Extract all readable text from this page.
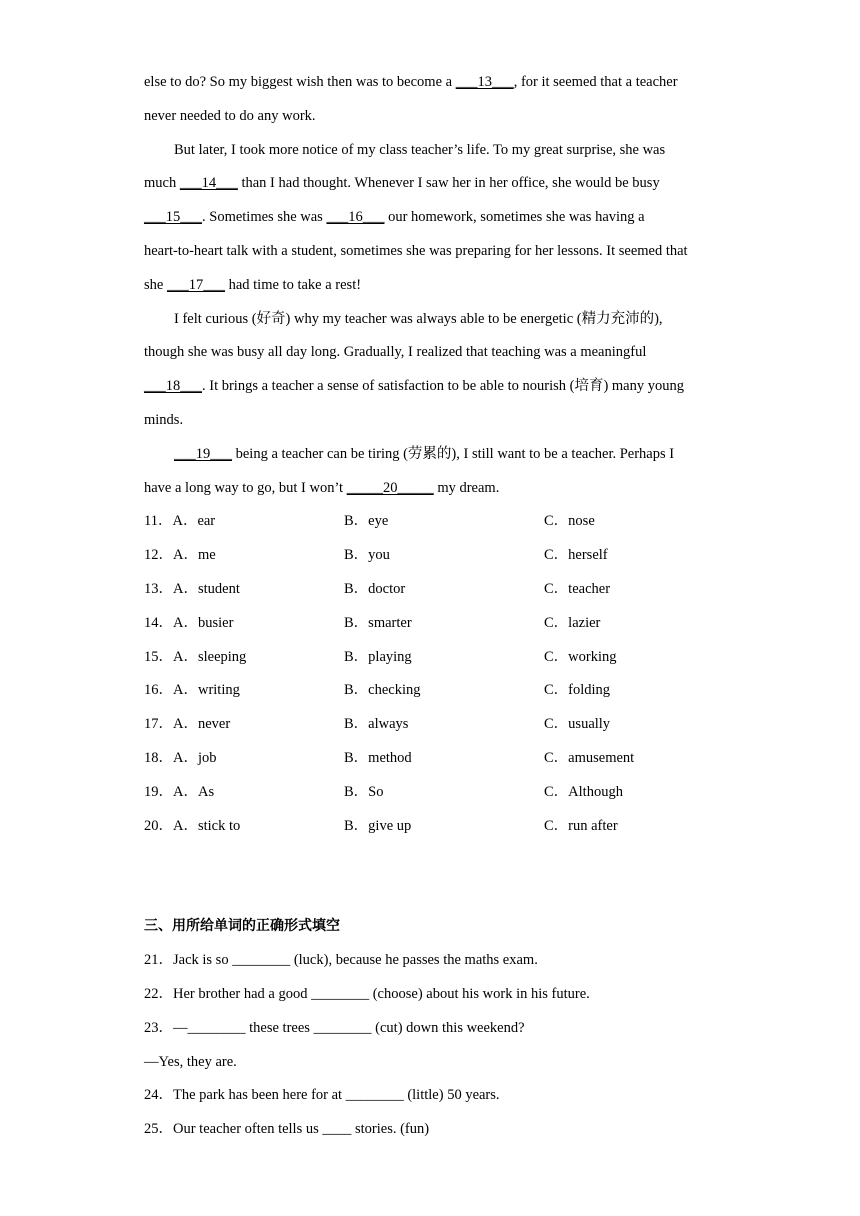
else to do? So my biggest wish then was to become a ___13___, for it seemed that a teacher
never needed to do any work.
But later, I took more notice of my class teacher’s life. To my great surprise, she was
much ___14___ than I had thought. Whenever I saw her in her office, she would be busy
___15___. Sometimes she was ___16___ our homework, sometimes she was having a
heart-to-heart talk with a student, sometimes she was preparing for her lessons. It seemed that
she ___17___ had time to take a rest!
I felt curious (好奇) why my teacher was always able to be energetic (精力充沛的),
though she was busy all day long. Gradually, I realized that teaching was a meaningful
___18___. It brings a teacher a sense of satisfaction to be able to nourish (培育) many young
minds.
___19___ being a teacher can be tiring (劳累的), I still want to be a teacher. Perhaps I
have a long way to go, but I won’t _____20_____ my dream.
11．A．ear	B．eye	C．nose
12．A．me	B．you	C．herself
13．A．student	B．doctor	C．teacher
14．A．busier	B．smarter	C．lazier
15．A．sleeping	B．playing	C．working
16．A．writing	B．checking	C．folding
17．A．never	B．always	C．usually
18．A．job	B．method	C．amusement
19．A．As	B．So	C．Although
20．A．stick to	B．give up	C．run after
三、用所给单词的正确形式填空
21．Jack is so ________ (luck), because he passes the maths exam.
22．Her brother had a good ________ (choose) about his work in his future.
23．—________ these trees ________ (cut) down this weekend?
—Yes, they are.
24．The park has been here for at ________ (little) 50 years.
25．Our teacher often tells us ____ stories. (fun)
